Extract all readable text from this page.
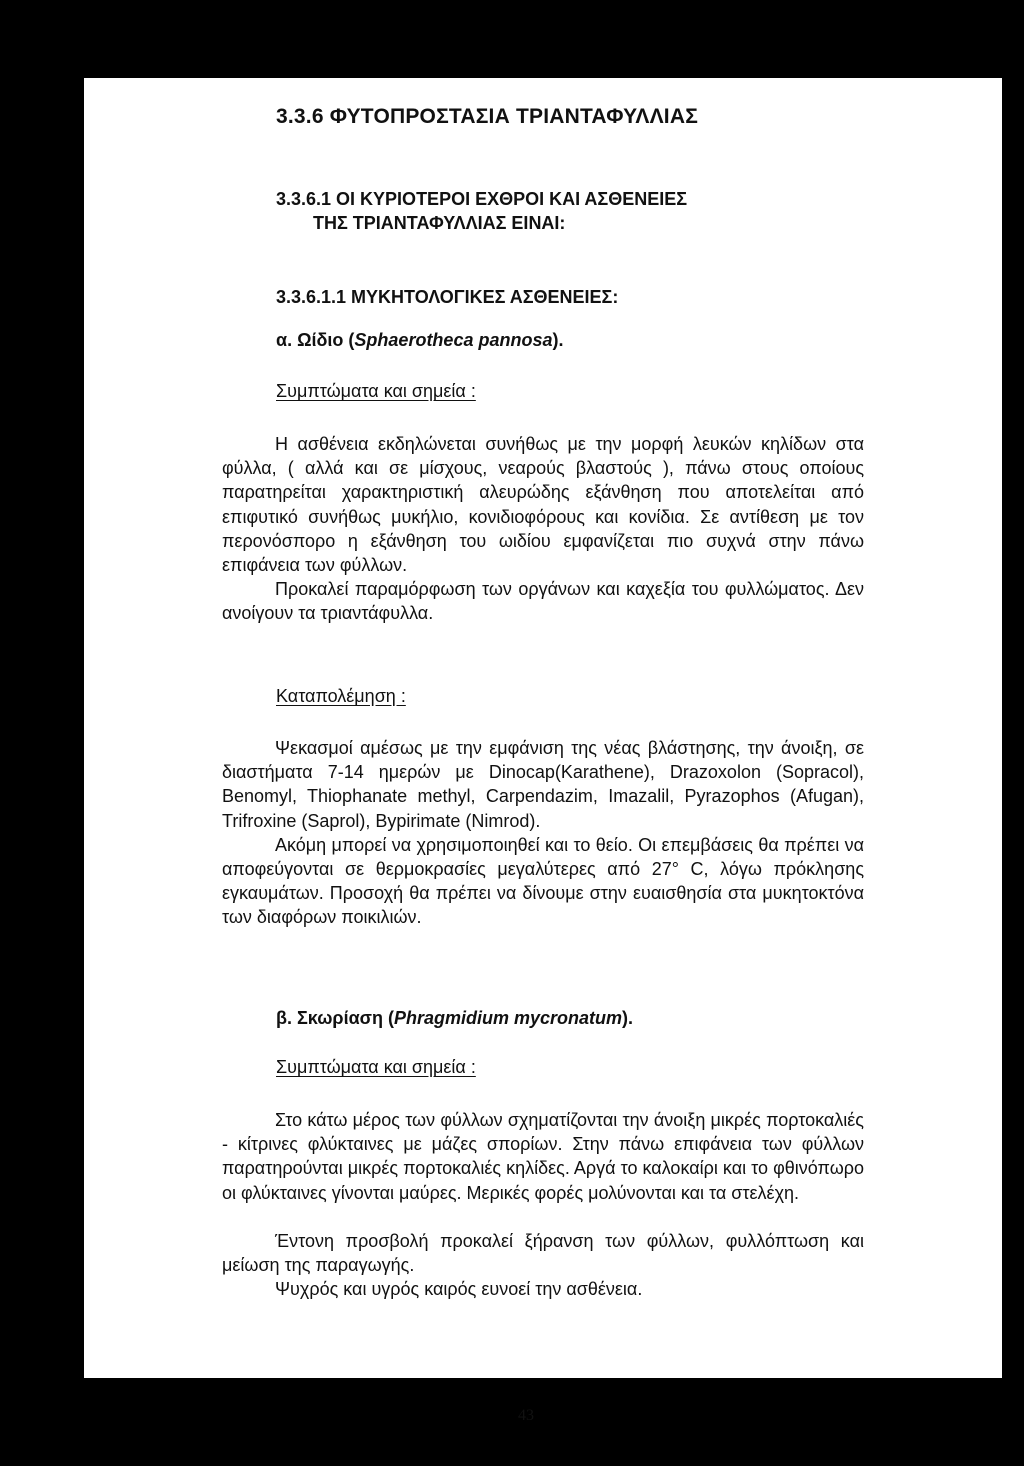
3.3.6 ΦΥΤΟΠΡΟΣΤΑΣΙΑ ΤΡΙΑΝΤΑΦΥΛΛΙΑΣ
3.3.6.1 ΟΙ ΚΥΡΙΟΤΕΡΟΙ ΕΧΘΡΟΙ ΚΑΙ ΑΣΘΕΝΕΙΕΣ
ΤΗΣ ΤΡΙΑΝΤΑΦΥΛΛΙΑΣ ΕΙΝΑΙ:
3.3.6.1.1 ΜΥΚΗΤΟΛΟΓΙΚΕΣ ΑΣΘΕΝΕΙΕΣ:
α. Ωίδιο (Sphaerotheca pannosa).
Συμπτώματα και σημεία :

Η ασθένεια εκδηλώνεται συνήθως με την μορφή λευκών κηλίδων στα φύλλα, ( αλλά και σε μίσχους, νεαρούς βλαστούς ), πάνω στους οποίους παρατηρείται χαρακτηριστική αλευρώδης εξάνθηση που αποτελείται από επιφυτικό συνήθως μυκήλιο, κονιδιοφόρους και κονίδια. Σε αντίθεση με τον περονόσπορο η εξάνθηση του ωιδίου εμφανίζεται πιο συχνά στην πάνω επιφάνεια των φύλλων.

Προκαλεί παραμόρφωση των οργάνων και καχεξία του φυλλώματος. Δεν ανοίγουν τα τριαντάφυλλα.

Καταπολέμηση :

Ψεκασμοί αμέσως με την εμφάνιση της νέας βλάστησης, την άνοιξη, σε διαστήματα 7-14 ημερών με Dinocap(Karathene), Drazoxolon (Sopracol), Benomyl, Thiophanate methyl, Carpendazim, Imazalil, Pyrazophos (Afugan), Trifroxine (Saprol), Bypirimate (Nimrod).

Ακόμη μπορεί να χρησιμοποιηθεί και το θείο. Οι επεμβάσεις θα πρέπει να αποφεύγονται σε θερμοκρασίες μεγαλύτερες από 27° C, λόγω πρόκλησης εγκαυμάτων. Προσοχή θα πρέπει να δίνουμε στην ευαισθησία στα μυκητοκτόνα των διαφόρων ποικιλιών.

β. Σκωρίαση (Phragmidium mycronatum).
Συμπτώματα και σημεία :

Στο κάτω μέρος των φύλλων σχηματίζονται την άνοιξη μικρές πορτοκαλιές - κίτρινες φλύκταινες με μάζες σπορίων. Στην πάνω επιφάνεια των φύλλων παρατηρούνται μικρές πορτοκαλιές κηλίδες. Αργά το καλοκαίρι και το φθινόπωρο οι φλύκταινες γίνονται μαύρες. Μερικές φορές μολύνονται και τα στελέχη.

Έντονη προσβολή προκαλεί ξήρανση των φύλλων, φυλλόπτωση και μείωση της παραγωγής.

Ψυχρός και υγρός καιρός ευνοεί την ασθένεια.

43
